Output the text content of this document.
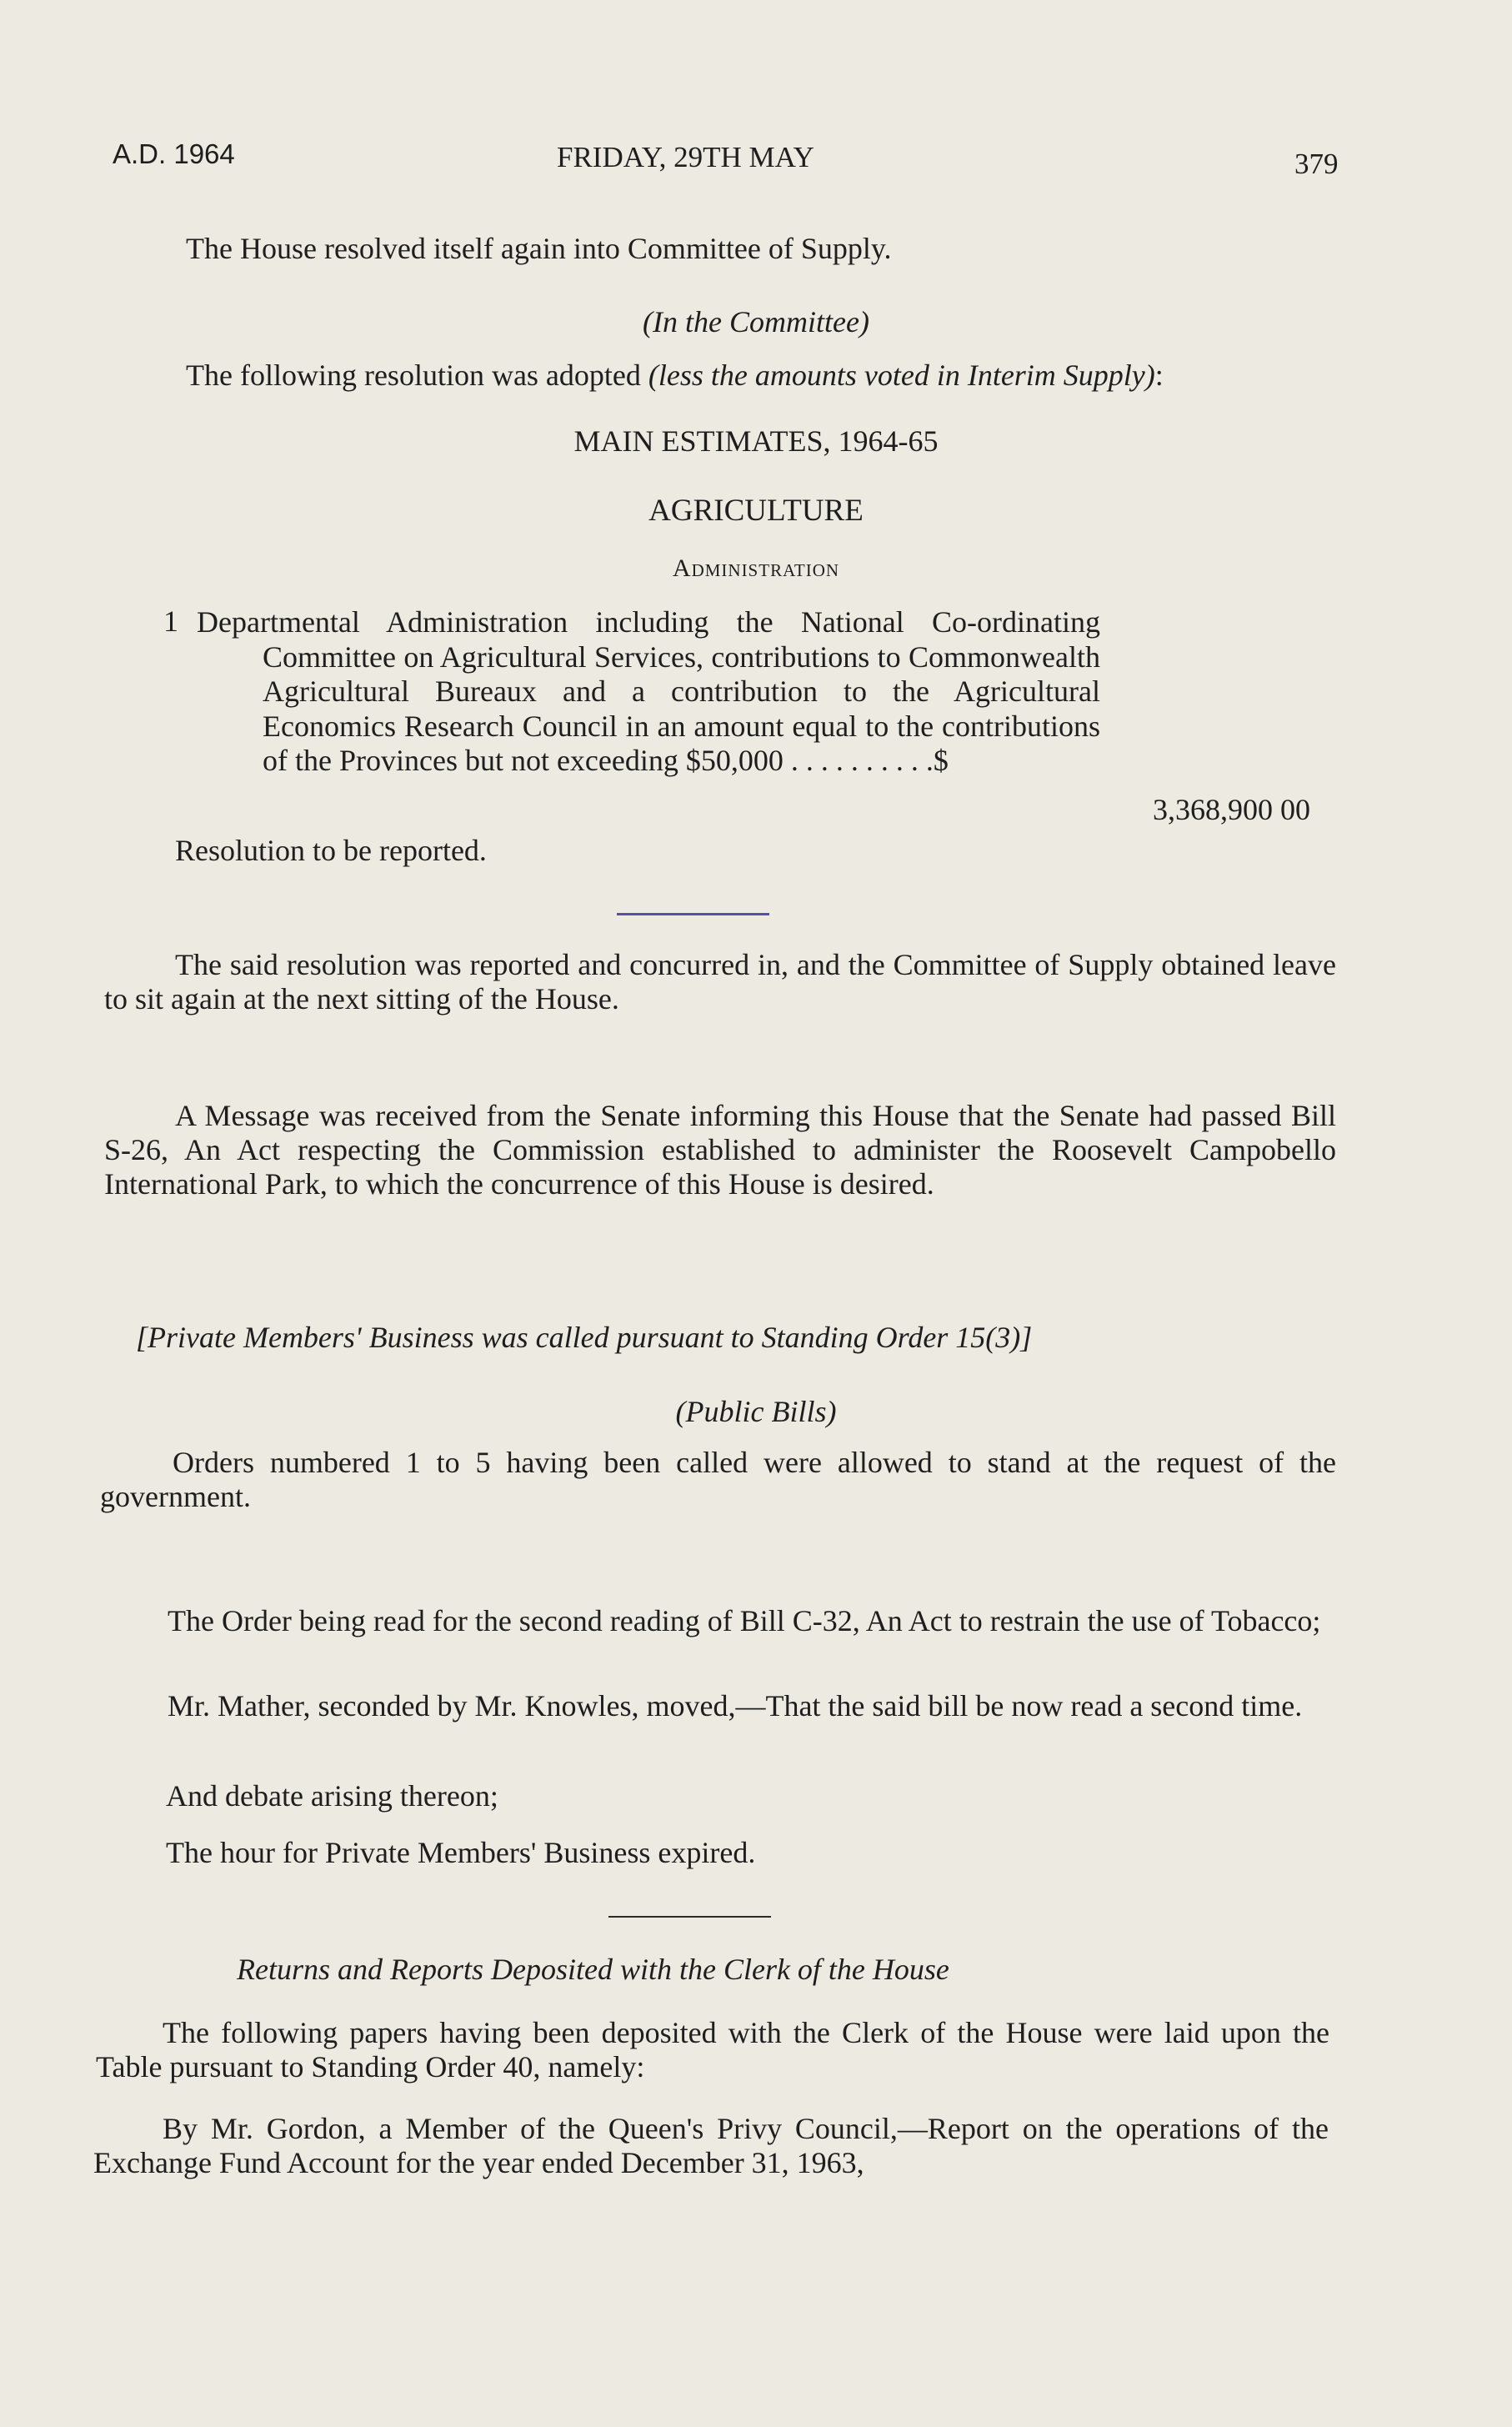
A.D. 1964	FRIDAY, 29TH MAY	379
The House resolved itself again into Committee of Supply.
(In the Committee)
The following resolution was adopted (less the amounts voted in Interim Supply):
MAIN ESTIMATES, 1964-65
AGRICULTURE
Administration
1 Departmental Administration including the National Co-ordinating Committee on Agricultural Services, contributions to Commonwealth Agricultural Bureaux and a contribution to the Agricultural Economics Research Council in an amount equal to the contributions of the Provinces but not exceeding $50,000 . . . . . . . . . .$
3,368,900 00
Resolution to be reported.
The said resolution was reported and concurred in, and the Committee of Supply obtained leave to sit again at the next sitting of the House.
A Message was received from the Senate informing this House that the Senate had passed Bill S-26, An Act respecting the Commission established to administer the Roosevelt Campobello International Park, to which the concurrence of this House is desired.
[Private Members' Business was called pursuant to Standing Order 15(3)]
(Public Bills)
Orders numbered 1 to 5 having been called were allowed to stand at the request of the government.
The Order being read for the second reading of Bill C-32, An Act to restrain the use of Tobacco;
Mr. Mather, seconded by Mr. Knowles, moved,—That the said bill be now read a second time.
And debate arising thereon;
The hour for Private Members' Business expired.
Returns and Reports Deposited with the Clerk of the House
The following papers having been deposited with the Clerk of the House were laid upon the Table pursuant to Standing Order 40, namely:
By Mr. Gordon, a Member of the Queen's Privy Council,—Report on the operations of the Exchange Fund Account for the year ended December 31, 1963,
